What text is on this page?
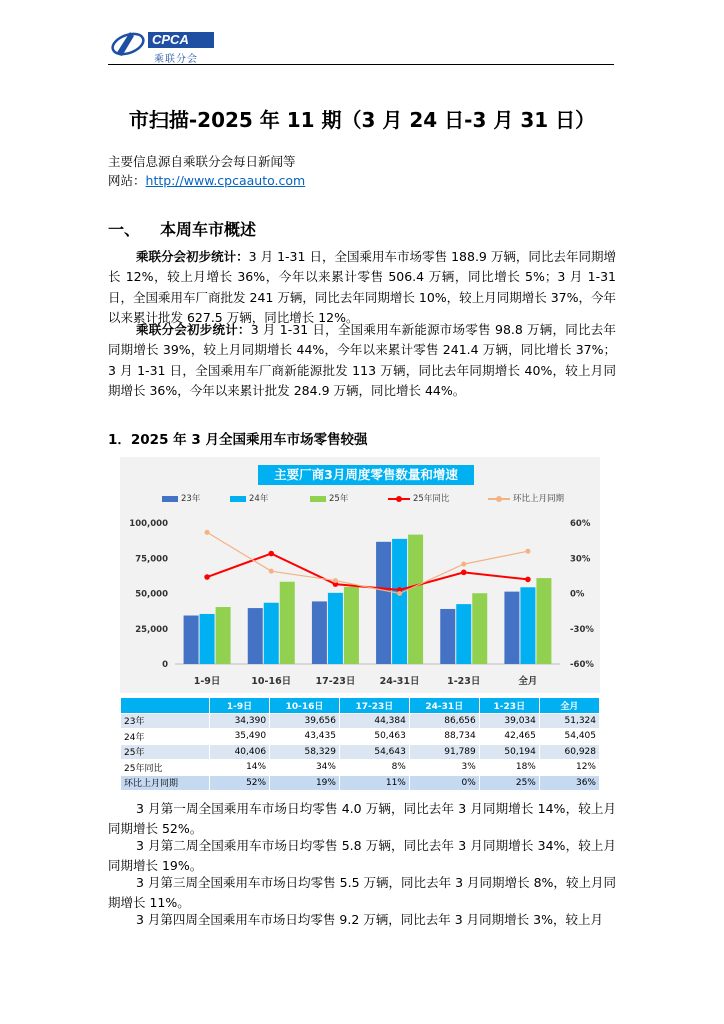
CPCA
乘联分会
市扫描-2025 年 11 期（3 月 24 日-3 月 31 日）
主要信息源自乘联分会每日新闻等
网站：http://www.cpcaauto.com
一、 本周车市概述
乘联分会初步统计：3 月 1-31 日，全国乘用车市场零售 188.9 万辆，同比去年同期增长 12%，较上月增长 36%，今年以来累计零售 506.4 万辆，同比增长 5%；3 月 1-31 日，全国乘用车厂商批发 241 万辆，同比去年同期增长 10%，较上月同期增长 37%，今年以来累计批发 627.5 万辆，同比增长 12%。
乘联分会初步统计：3 月 1-31 日，全国乘用车新能源市场零售 98.8 万辆，同比去年同期增长 39%，较上月同期增长 44%，今年以来累计零售 241.4 万辆，同比增长 37%；3 月 1-31 日，全国乘用车厂商新能源批发 113 万辆，同比去年同期增长 40%，较上月同期增长 36%，今年以来累计批发 284.9 万辆，同比增长 44%。
1．2025 年 3 月全国乘用车市场零售较强
主要厂商3月周度零售数量和增速
23年	24年	25年	25年同比	环比上月同期
0
25,000
50,000
75,000
100,000
-60%
-30%
0%
30%
60%
1-9日	10-16日	17-23日	24-31日	1-23日	全月
	1-9日	10-16日	17-23日	24-31日	1-23日	全月
23年	34,390	39,656	44,384	86,656	39,034	51,324
24年	35,490	43,435	50,463	88,734	42,465	54,405
25年	40,406	58,329	54,643	91,789	50,194	60,928
25年同比	14%	34%	8%	3%	18%	12%
环比上月同期	52%	19%	11%	0%	25%	36%
3 月第一周全国乘用车市场日均零售 4.0 万辆，同比去年 3 月同期增长 14%，较上月同期增长 52%。
3 月第二周全国乘用车市场日均零售 5.8 万辆，同比去年 3 月同期增长 34%，较上月同期增长 19%。
3 月第三周全国乘用车市场日均零售 5.5 万辆，同比去年 3 月同期增长 8%，较上月同期增长 11%。
3 月第四周全国乘用车市场日均零售 9.2 万辆，同比去年 3 月同期增长 3%，较上月
